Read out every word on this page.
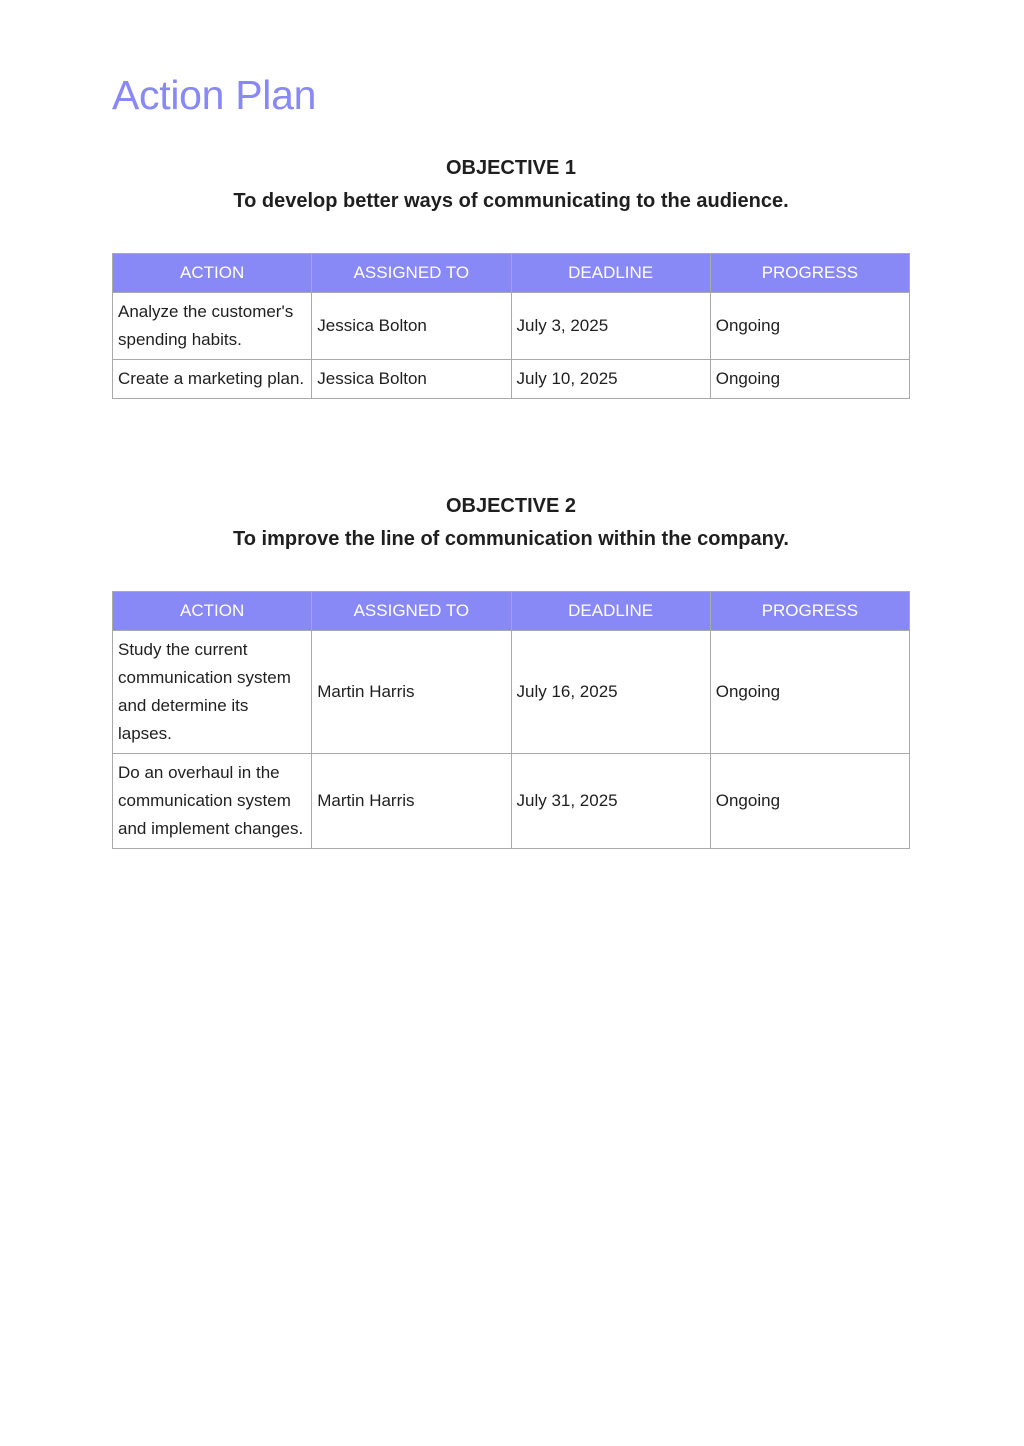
Action Plan
OBJECTIVE 1
To develop better ways of communicating to the audience.
ACTION	ASSIGNED TO	DEADLINE	PROGRESS
Analyze the customer's spending habits.	Jessica Bolton	July 3, 2025	Ongoing
Create a marketing plan.	Jessica Bolton	July 10, 2025	Ongoing
OBJECTIVE 2
To improve the line of communication within the company.
ACTION	ASSIGNED TO	DEADLINE	PROGRESS
Study the current communication system and determine its lapses.	Martin Harris	July 16, 2025	Ongoing
Do an overhaul in the communication system and implement changes.	Martin Harris	July 31, 2025	Ongoing
